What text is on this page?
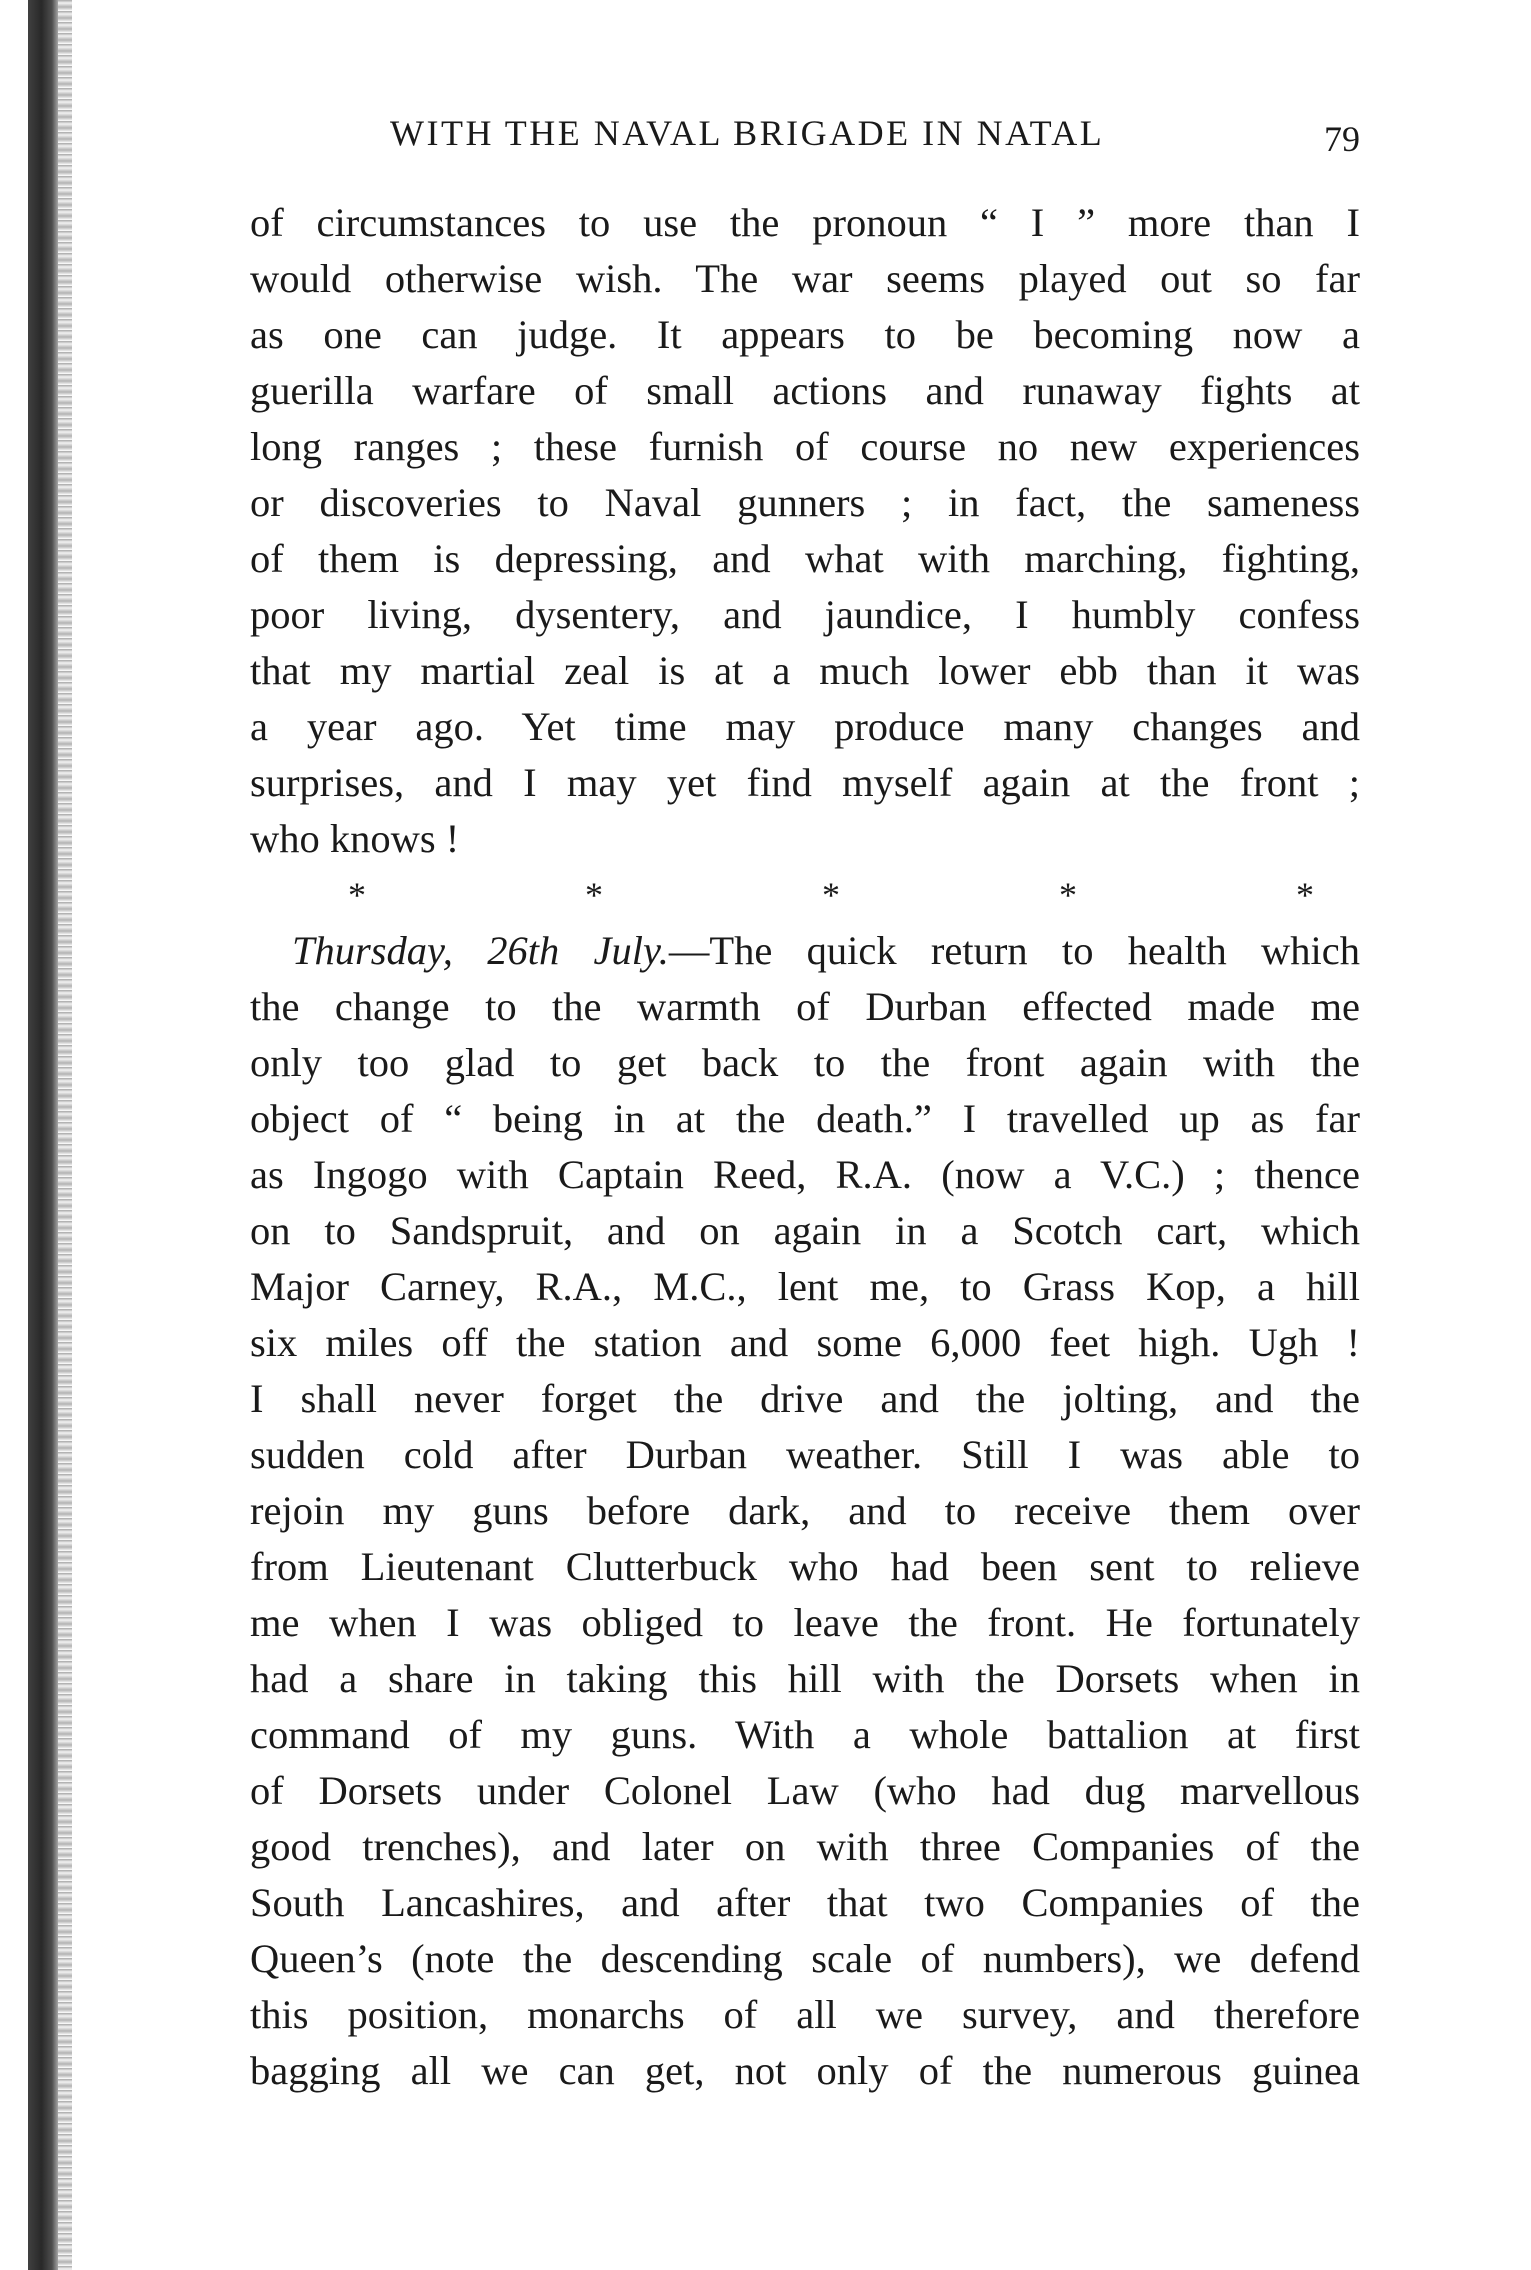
WITH THE NAVAL BRIGADE IN NATAL	79
of circumstances to use the pronoun “ I ” more than I
would otherwise wish. The war seems played out so far
as one can judge. It appears to be becoming now a
guerilla warfare of small actions and runaway fights at
long ranges ; these furnish of course no new experiences
or discoveries to Naval gunners ; in fact, the sameness
of them is depressing, and what with marching, fighting,
poor living, dysentery, and jaundice, I humbly confess
that my martial zeal is at a much lower ebb than it was
a year ago. Yet time may produce many changes and
surprises, and I may yet find myself again at the front ;
who knows !
*	*	*	*	*
Thursday, 26th July.—The quick return to health which
the change to the warmth of Durban effected made me
only too glad to get back to the front again with the
object of “ being in at the death.” I travelled up as far
as Ingogo with Captain Reed, R.A. (now a V.C.) ; thence
on to Sandspruit, and on again in a Scotch cart, which
Major Carney, R.A., M.C., lent me, to Grass Kop, a hill
six miles off the station and some 6,000 feet high. Ugh !
I shall never forget the drive and the jolting, and the
sudden cold after Durban weather. Still I was able to
rejoin my guns before dark, and to receive them over
from Lieutenant Clutterbuck who had been sent to relieve
me when I was obliged to leave the front. He fortunately
had a share in taking this hill with the Dorsets when in
command of my guns. With a whole battalion at first
of Dorsets under Colonel Law (who had dug marvellous
good trenches), and later on with three Companies of the
South Lancashires, and after that two Companies of the
Queen’s (note the descending scale of numbers), we defend
this position, monarchs of all we survey, and therefore
bagging all we can get, not only of the numerous guinea
